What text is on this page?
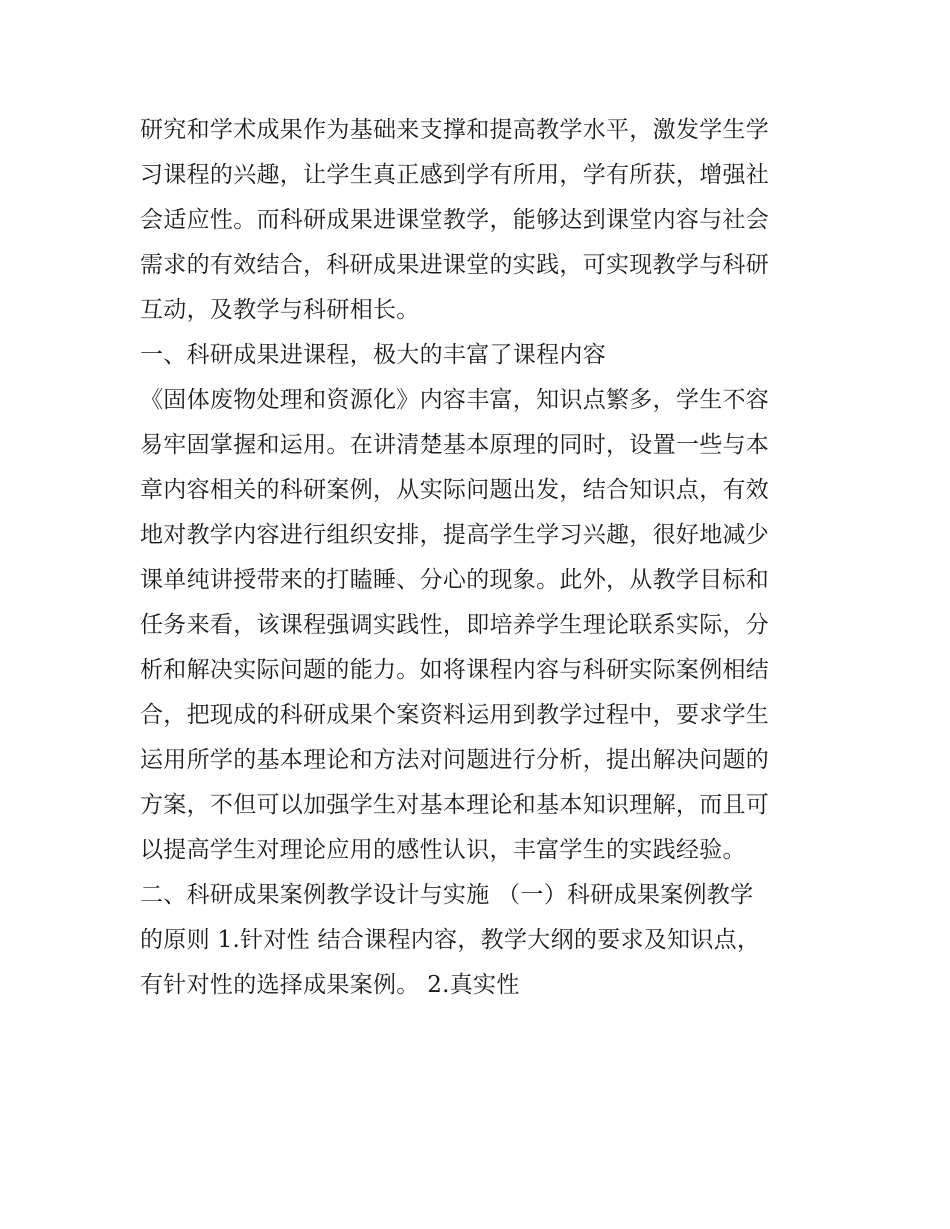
研究和学术成果作为基础来支撑和提高教学水平，激发学生学
习课程的兴趣，让学生真正感到学有所用，学有所获，增强社
会适应性。而科研成果进课堂教学，能够达到课堂内容与社会
需求的有效结合，科研成果进课堂的实践，可实现教学与科研
互动，及教学与科研相长。
一、科研成果进课程，极大的丰富了课程内容
《固体废物处理和资源化》内容丰富，知识点繁多，学生不容
易牢固掌握和运用。在讲清楚基本原理的同时，设置一些与本
章内容相关的科研案例，从实际问题出发，结合知识点，有效
地对教学内容进行组织安排，提高学生学习兴趣，很好地减少
课单纯讲授带来的打瞌睡、分心的现象。此外，从教学目标和
任务来看，该课程强调实践性，即培养学生理论联系实际，分
析和解决实际问题的能力。如将课程内容与科研实际案例相结
合，把现成的科研成果个案资料运用到教学过程中，要求学生
运用所学的基本理论和方法对问题进行分析，提出解决问题的
方案，不但可以加强学生对基本理论和基本知识理解，而且可
以提高学生对理论应用的感性认识，丰富学生的实践经验。
二、科研成果案例教学设计与实施 （一）科研成果案例教学
的原则 1.针对性 结合课程内容，教学大纲的要求及知识点，
有针对性的选择成果案例。 2.真实性
